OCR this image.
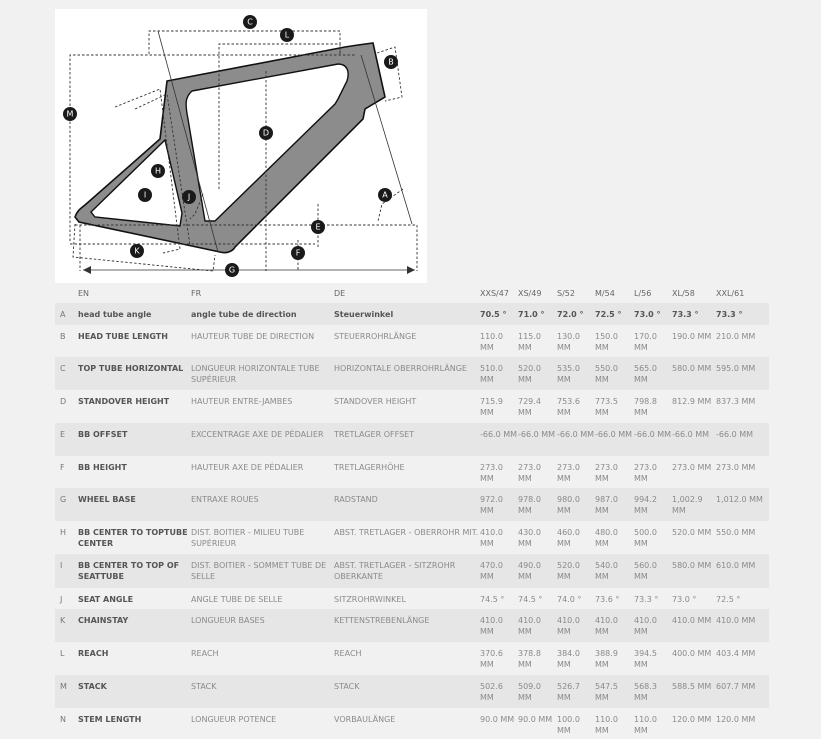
C
L
B
M
D
H
I	J	A
E
K	F
G
	EN	FR	DE	XXS/47	XS/49	S/52	M/54	L/56	XL/58	XXL/61
A	head tube angle	angle tube de direction	Steuerwinkel	70.5 °	71.0 °	72.0 °	72.5 °	73.0 °	73.3 °	73.3 °
B	HEAD TUBE LENGTH	HAUTEUR TUBE DE DIRECTION	STEUERROHRLÄNGE	110.0 MM	115.0 MM	130.0 MM	150.0 MM	170.0 MM	190.0 MM	210.0 MM
C	TOP TUBE HORIZONTAL	LONGUEUR HORIZONTALE TUBE SUPÉRIEUR	HORIZONTALE OBERROHRLÄNGE	510.0 MM	520.0 MM	535.0 MM	550.0 MM	565.0 MM	580.0 MM	595.0 MM
D	STANDOVER HEIGHT	HAUTEUR ENTRE-JAMBES	STANDOVER HEIGHT	715.9 MM	729.4 MM	753.6 MM	773.5 MM	798.8 MM	812.9 MM	837.3 MM
E	BB OFFSET	EXCCENTRAGE AXE DE PÉDALIER	TRETLAGER OFFSET	-66.0 MM	-66.0 MM	-66.0 MM	-66.0 MM	-66.0 MM	-66.0 MM	-66.0 MM
F	BB HEIGHT	HAUTEUR AXE DE PÉDALIER	TRETLAGERHÖHE	273.0 MM	273.0 MM	273.0 MM	273.0 MM	273.0 MM	273.0 MM	273.0 MM
G	WHEEL BASE	ENTRAXE ROUES	RADSTAND	972.0 MM	978.0 MM	980.0 MM	987.0 MM	994.2 MM	1,002.9 MM	1,012.0 MM
H	BB CENTER TO TOPTUBE CENTER	DIST. BOITIER - MILIEU TUBE SUPÉRIEUR	ABST. TRETLAGER - OBERROHR MIT.	410.0 MM	430.0 MM	460.0 MM	480.0 MM	500.0 MM	520.0 MM	550.0 MM
I	BB CENTER TO TOP OF SEATTUBE	DIST. BOITIER - SOMMET TUBE DE SELLE	ABST. TRETLAGER - SITZROHR OBERKANTE	470.0 MM	490.0 MM	520.0 MM	540.0 MM	560.0 MM	580.0 MM	610.0 MM
J	SEAT ANGLE	ANGLE TUBE DE SELLE	SITZROHRWINKEL	74.5 °	74.5 °	74.0 °	73.6 °	73.3 °	73.0 °	72.5 °
K	CHAINSTAY	LONGUEUR BASES	KETTENSTREBENLÄNGE	410.0 MM	410.0 MM	410.0 MM	410.0 MM	410.0 MM	410.0 MM	410.0 MM
L	REACH	REACH	REACH	370.6 MM	378.8 MM	384.0 MM	388.9 MM	394.5 MM	400.0 MM	403.4 MM
M	STACK	STACK	STACK	502.6 MM	509.0 MM	526.7 MM	547.5 MM	568.3 MM	588.5 MM	607.7 MM
N	STEM LENGTH	LONGUEUR POTENCE	VORBAULÄNGE	90.0 MM	90.0 MM	100.0 MM	110.0 MM	110.0 MM	120.0 MM	120.0 MM
